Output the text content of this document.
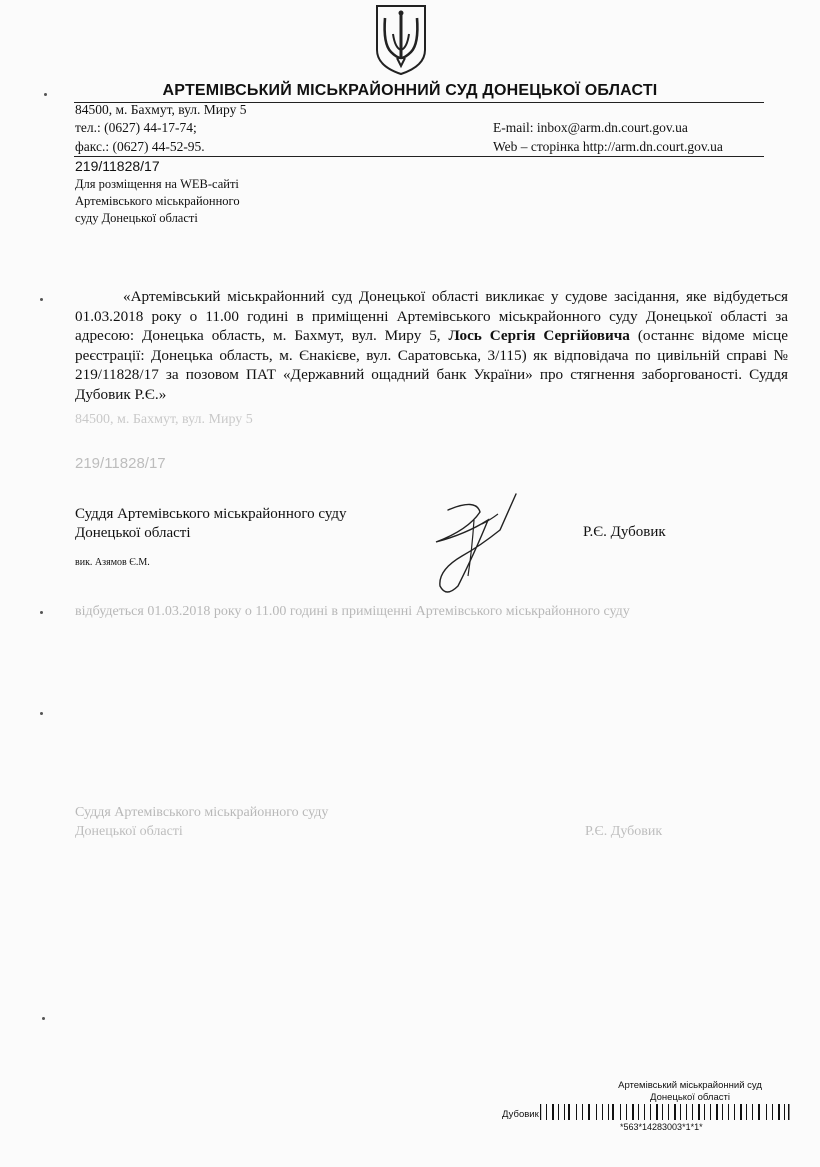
84500, м. Бахмут, вул. Миру 5
219/11828/17
відбудеться 01.03.2018 року о 11.00 годині в приміщенні Артемівського міськрайонного суду
Суддя Артемівського міськрайонного суду
Донецької області	Р.Є. Дубовик
АРТЕМІВСЬКИЙ МІСЬКРАЙОННИЙ СУД ДОНЕЦЬКОЇ ОБЛАСТІ
84500, м. Бахмут, вул. Миру 5
тел.: (0627) 44-17-74;
факс.: (0627) 44-52-95.
E-mail: inbox@arm.dn.court.gov.ua
Web – сторінка http://arm.dn.court.gov.ua
219/11828/17
Для розміщення на WEB-сайті
Артемівського міськрайонного
суду Донецької області
«Артемівський міськрайонний суд Донецької області викликає у судове засідання, яке відбудеться 01.03.2018 року о 11.00 годині в приміщенні Артемівського міськрайонного суду Донецької області за адресою: Донецька область, м. Бахмут, вул. Миру 5, Лось Сергія Сергійовича (останнє відоме місце реєстрації: Донецька область, м. Єнакієве, вул. Саратовська, 3/115) як відповідача по цивільній справі № 219/11828/17 за позовом ПАТ «Державний ощадний банк України» про стягнення заборгованості. Суддя Дубовик Р.Є.»
Суддя Артемівського міськрайонного суду
Донецької області	Р.Є. Дубовик
вик. Азямов Є.М.
Артемівський міськрайонний суд
Донецької області
Дубовик
*563*14283003*1*1*
